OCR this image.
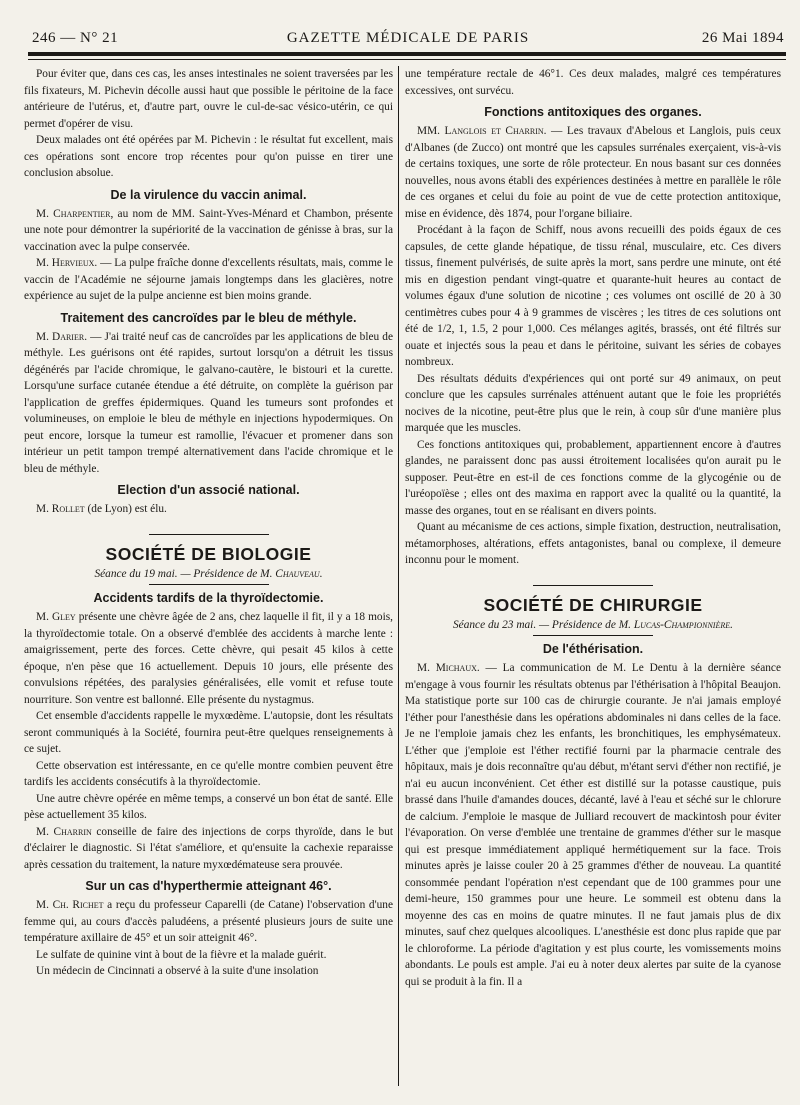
246 — N° 21	GAZETTE MÉDICALE DE PARIS	26 Mai 1894

Pour éviter que, dans ces cas, les anses intestinales ne soient traversées par les fils fixateurs, M. Pichevin décolle aussi haut que possible le péritoine de la face antérieure de l'utérus, et, d'autre part, ouvre le cul-de-sac vésico-utérin, ce qui permet d'opérer de visu.

Deux malades ont été opérées par M. Pichevin : le résultat fut excellent, mais ces opérations sont encore trop récentes pour qu'on puisse en tirer une conclusion absolue.

De la virulence du vaccin animal.

M. Charpentier, au nom de MM. Saint-Yves-Ménard et Chambon, présente une note pour démontrer la supériorité de la vaccination de génisse à bras, sur la vaccination avec la pulpe conservée.

M. Hervieux. — La pulpe fraîche donne d'excellents résultats, mais, comme le vaccin de l'Académie ne séjourne jamais longtemps dans les glacières, notre expérience au sujet de la pulpe ancienne est bien moins grande.

Traitement des cancroïdes par le bleu de méthyle.

M. Darier. — J'ai traité neuf cas de cancroïdes par les applications de bleu de méthyle. Les guérisons ont été rapides, surtout lorsqu'on a détruit les tissus dégénérés par l'acide chromique, le galvano-cautère, le bistouri et la curette. Lorsqu'une surface cutanée étendue a été détruite, on complète la guérison par l'application de greffes épidermiques. Quand les tumeurs sont profondes et volumineuses, on emploie le bleu de méthyle en injections hypodermiques. On peut encore, lorsque la tumeur est ramollie, l'évacuer et promener dans son intérieur un petit tampon trempé alternativement dans l'acide chromique et le bleu de méthyle.

Election d'un associé national.

M. Rollet (de Lyon) est élu.

SOCIÉTÉ DE BIOLOGIE

Séance du 19 mai. — Présidence de M. Chauveau.

Accidents tardifs de la thyroïdectomie.

M. Gley présente une chèvre âgée de 2 ans, chez laquelle il fit, il y a 18 mois, la thyroïdectomie totale. On a observé d'emblée des accidents à marche lente : amaigrissement, perte des forces. Cette chèvre, qui pesait 45 kilos à cette époque, n'en pèse que 16 actuellement. Depuis 10 jours, elle présente des convulsions répétées, des paralysies généralisées, elle vomit et refuse toute nourriture. Son ventre est ballonné. Elle présente du nystagmus.

Cet ensemble d'accidents rappelle le myxœdème. L'autopsie, dont les résultats seront communiqués à la Société, fournira peut-être quelques renseignements à ce sujet.

Cette observation est intéressante, en ce qu'elle montre combien peuvent être tardifs les accidents consécutifs à la thyroïdectomie.

Une autre chèvre opérée en même temps, a conservé un bon état de santé. Elle pèse actuellement 35 kilos.

M. Charrin conseille de faire des injections de corps thyroïde, dans le but d'éclairer le diagnostic. Si l'état s'améliore, et qu'ensuite la cachexie reparaisse après cessation du traitement, la nature myxœdémateuse sera prouvée.

Sur un cas d'hyperthermie atteignant 46°.

M. Ch. Richet a reçu du professeur Caparelli (de Catane) l'observation d'une femme qui, au cours d'accès paludéens, a présenté plusieurs jours de suite une température axillaire de 45° et un soir atteignit 46°.

Le sulfate de quinine vint à bout de la fièvre et la malade guérit.

Un médecin de Cincinnati a observé à la suite d'une insolation

une température rectale de 46°1. Ces deux malades, malgré ces températures excessives, ont survécu.

Fonctions antitoxiques des organes.

MM. Langlois et Charrin. — Les travaux d'Abelous et Langlois, puis ceux d'Albanes (de Zucco) ont montré que les capsules surrénales exerçaient, vis-à-vis de certains toxiques, une sorte de rôle protecteur. En nous basant sur ces données nouvelles, nous avons établi des expériences destinées à mettre en parallèle le rôle de ces organes et celui du foie au point de vue de cette protection antitoxique, mise en évidence, dès 1874, pour l'organe biliaire.

Procédant à la façon de Schiff, nous avons recueilli des poids égaux de ces capsules, de cette glande hépatique, de tissu rénal, musculaire, etc. Ces divers tissus, finement pulvérisés, de suite après la mort, sans perdre une minute, ont été mis en digestion pendant vingt-quatre et quarante-huit heures au contact de volumes égaux d'une solution de nicotine ; ces volumes ont oscillé de 20 à 30 centimètres cubes pour 4 à 9 grammes de viscères ; les titres de ces solutions ont été de 1/2, 1, 1.5, 2 pour 1,000. Ces mélanges agités, brassés, ont été filtrés sur ouate et injectés sous la peau et dans le péritoine, suivant les séries de cobayes nombreux.

Des résultats déduits d'expériences qui ont porté sur 49 animaux, on peut conclure que les capsules surrénales atténuent autant que le foie les propriétés nocives de la nicotine, peut-être plus que le rein, à coup sûr d'une manière plus marquée que les muscles.

Ces fonctions antitoxiques qui, probablement, appartiennent encore à d'autres glandes, ne paraissent donc pas aussi étroitement localisées qu'on aurait pu le supposer. Peut-être en est-il de ces fonctions comme de la glycogénie ou de l'uréopoïèse ; elles ont des maxima en rapport avec la qualité ou la quantité, la masse des organes, tout en se réalisant en divers points.

Quant au mécanisme de ces actions, simple fixation, destruction, neutralisation, métamorphoses, altérations, effets antagonistes, banal ou complexe, il demeure inconnu pour le moment.

SOCIÉTÉ DE CHIRURGIE

Séance du 23 mai. — Présidence de M. Lucas-Championnière.

De l'éthérisation.

M. Michaux. — La communication de M. Le Dentu à la dernière séance m'engage à vous fournir les résultats obtenus par l'éthérisation à l'hôpital Beaujon. Ma statistique porte sur 100 cas de chirurgie courante. Je n'ai jamais employé l'éther pour l'anesthésie dans les opérations abdominales ni dans celles de la face. Je ne l'emploie jamais chez les enfants, les bronchitiques, les emphysémateux. L'éther que j'emploie est l'éther rectifié fourni par la pharmacie centrale des hôpitaux, mais je dois reconnaître qu'au début, m'étant servi d'éther non rectifié, je n'ai eu aucun inconvénient. Cet éther est distillé sur la potasse caustique, puis brassé dans l'huile d'amandes douces, décanté, lavé à l'eau et séché sur le chlorure de calcium. J'emploie le masque de Julliard recouvert de mackintosh pour éviter l'évaporation. On verse d'emblée une trentaine de grammes d'éther sur le masque qui est presque immédiatement appliqué hermétiquement sur la face. Trois minutes après je laisse couler 20 à 25 grammes d'éther de nouveau. La quantité consommée pendant l'opération n'est cependant que de 100 grammes pour une demi-heure, 150 grammes pour une heure. Le sommeil est obtenu dans la moyenne des cas en moins de quatre minutes. Il ne faut jamais plus de dix minutes, sauf chez quelques alcooliques. L'anesthésie est donc plus rapide que par le chloroforme. La période d'agitation y est plus courte, les vomissements moins abondants. Le pouls est ample. J'ai eu à noter deux alertes par suite de la cyanose qui se produit à la fin. Il a
